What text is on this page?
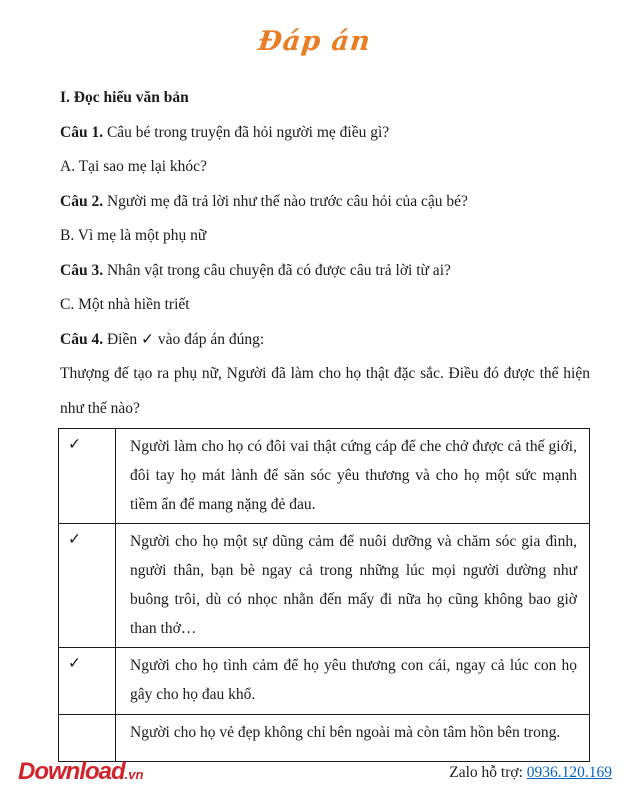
Đáp án

I. Đọc hiểu văn bản

Câu 1. Câu bé trong truyện đã hỏi người mẹ điều gì?

A. Tại sao mẹ lại khóc?

Câu 2. Người mẹ đã trả lời như thế nào trước câu hỏi của cậu bé?

B. Vì mẹ là một phụ nữ

Câu 3. Nhân vật trong câu chuyện đã có được câu trả lời từ ai?

C. Một nhà hiền triết

Câu 4. Điền ✓ vào đáp án đúng:

Thượng đế tạo ra phụ nữ, Người đã làm cho họ thật đặc sắc. Điều đó được thể hiện như thế nào?

✓	Người làm cho họ có đôi vai thật cứng cáp để che chở được cả thế giới, đôi tay họ mát lành để săn sóc yêu thương và cho họ một sức mạnh tiềm ẩn để mang nặng đẻ đau.
✓	Người cho họ một sự dũng cảm để nuôi dưỡng và chăm sóc gia đình, người thân, bạn bè ngay cả trong những lúc mọi người dường như buông trôi, dù có nhọc nhằn đến mấy đi nữa họ cũng không bao giờ than thở…
✓	Người cho họ tình cảm để họ yêu thương con cái, ngay cả lúc con họ gây cho họ đau khổ.
	Người cho họ vẻ đẹp không chỉ bên ngoài mà còn tâm hồn bên trong.
Download.vn	Zalo hỗ trợ: 0936.120.169
